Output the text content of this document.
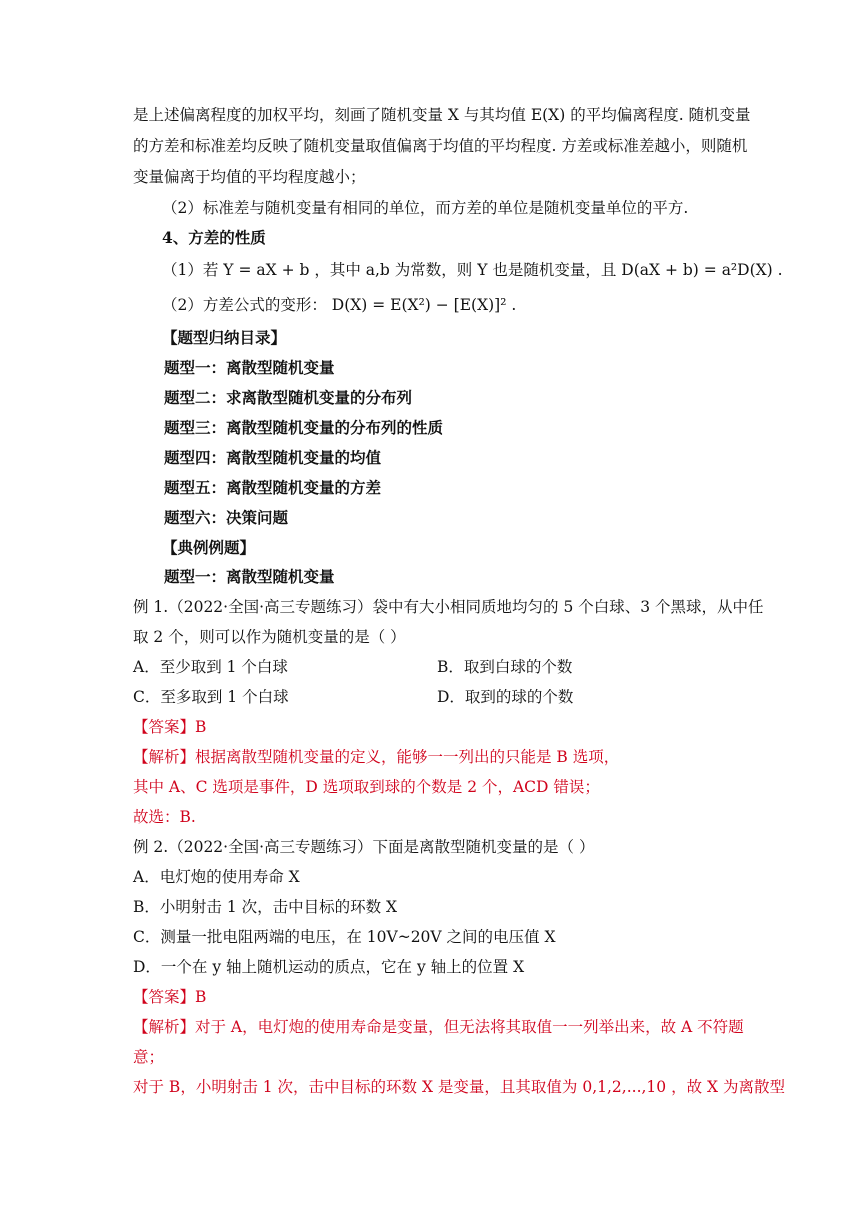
是上述偏离程度的加权平均，刻画了随机变量 X 与其均值 E(X) 的平均偏离程度. 随机变量
的方差和标准差均反映了随机变量取值偏离于均值的平均程度. 方差或标准差越小，则随机
变量偏离于均值的平均程度越小；
（2）标准差与随机变量有相同的单位，而方差的单位是随机变量单位的平方.
4、方差的性质
（1）若 Y = aX + b ，其中 a,b 为常数，则 Y 也是随机变量，且 D(aX + b) = a²D(X) .
（2）方差公式的变形： D(X) = E(X²) − [E(X)]² .
【题型归纳目录】
题型一：离散型随机变量
题型二：求离散型随机变量的分布列
题型三：离散型随机变量的分布列的性质
题型四：离散型随机变量的均值
题型五：离散型随机变量的方差
题型六：决策问题
【典例例题】
题型一：离散型随机变量
例 1.（2022·全国·高三专题练习）袋中有大小相同质地均匀的 5 个白球、3 个黑球，从中任
取 2 个，则可以作为随机变量的是（ ）
A．至少取到 1 个白球	B．取到白球的个数
C．至多取到 1 个白球	D．取到的球的个数
【答案】B
【解析】根据离散型随机变量的定义，能够一一列出的只能是 B 选项，
其中 A、C 选项是事件，D 选项取到球的个数是 2 个，ACD 错误；
故选：B.
例 2.（2022·全国·高三专题练习）下面是离散型随机变量的是（ ）
A．电灯炮的使用寿命 X
B．小明射击 1 次，击中目标的环数 X
C．测量一批电阻两端的电压，在 10V~20V 之间的电压值 X
D．一个在 y 轴上随机运动的质点，它在 y 轴上的位置 X
【答案】B
【解析】对于 A，电灯炮的使用寿命是变量，但无法将其取值一一列举出来，故 A 不符题
意；
对于 B，小明射击 1 次，击中目标的环数 X 是变量，且其取值为 0,1,2,...,10 ，故 X 为离散型
